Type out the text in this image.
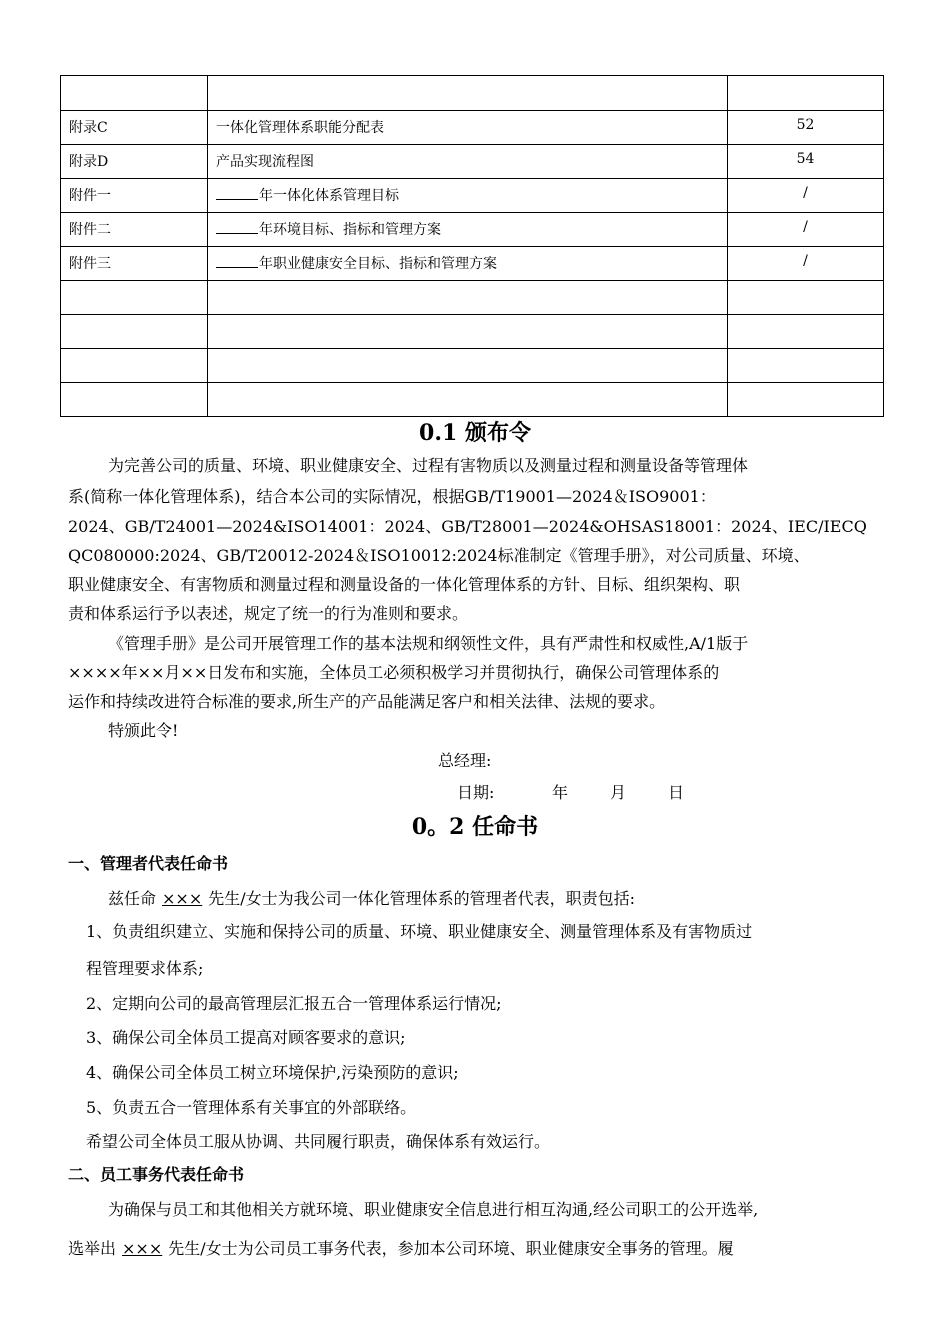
附录C	一体化管理体系职能分配表	52
附录D	产品实现流程图	54
附件一	年一体化体系管理目标	/
附件二	年环境目标、指标和管理方案	/
附件三	年职业健康安全目标、指标和管理方案	/

0.1 颁布令
为完善公司的质量、环境、职业健康安全、过程有害物质以及测量过程和测量设备等管理体
系(简称一体化管理体系)，结合本公司的实际情况，根据GB/T19001—2024＆ISO9001：
2024、GB/T24001—2024&ISO14001：2024、GB/T28001—2024&OHSAS18001：2024、IEC/IECQ
QC080000:2024、GB/T20012-2024＆ISO10012:2024标准制定《管理手册》，对公司质量、环境、
职业健康安全、有害物质和测量过程和测量设备的一体化管理体系的方针、目标、组织架构、职
责和体系运行予以表述，规定了统一的行为准则和要求。
《管理手册》是公司开展管理工作的基本法规和纲领性文件，具有严肃性和权威性,A/1版于
××××年××月××日发布和实施，全体员工必须积极学习并贯彻执行，确保公司管理体系的
运作和持续改进符合标准的要求,所生产的产品能满足客户和相关法律、法规的要求。
特颁此令!
总经理:
日期:	年	月	日
0。2 任命书
一、管理者代表任命书
兹任命 ××× 先生/女士为我公司一体化管理体系的管理者代表，职责包括:
1、负责组织建立、实施和保持公司的质量、环境、职业健康安全、测量管理体系及有害物质过
程管理要求体系;
2、定期向公司的最高管理层汇报五合一管理体系运行情况;
3、确保公司全体员工提高对顾客要求的意识;
4、确保公司全体员工树立环境保护,污染预防的意识;
5、负责五合一管理体系有关事宜的外部联络。
希望公司全体员工服从协调、共同履行职责，确保体系有效运行。
二、员工事务代表任命书
为确保与员工和其他相关方就环境、职业健康安全信息进行相互沟通,经公司职工的公开选举,
选举出 ××× 先生/女士为公司员工事务代表，参加本公司环境、职业健康安全事务的管理。履
